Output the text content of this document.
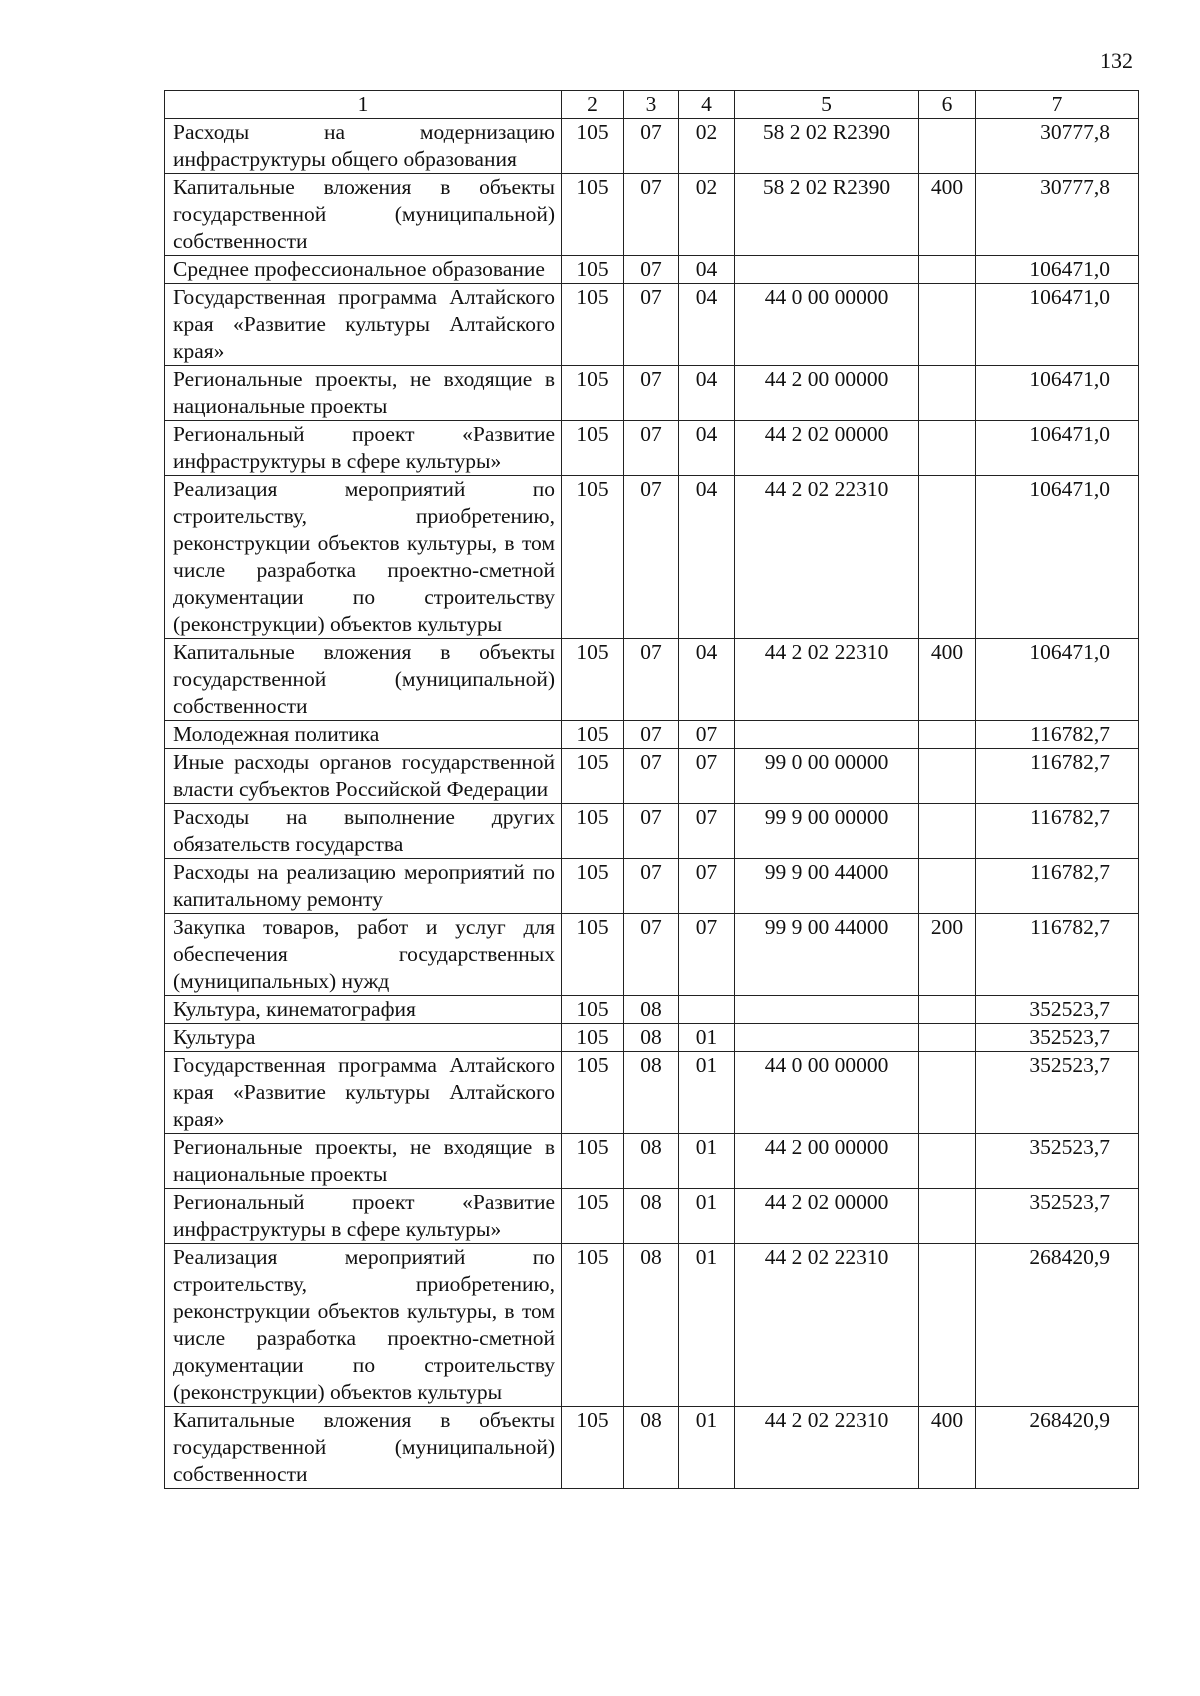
132
1	2	3	4	5	6	7
Расходы на модернизацию инфраструктуры общего образования	105	07	02	58 2 02 R2390		30777,8
Капитальные вложения в объекты государственной (муниципальной) собственности	105	07	02	58 2 02 R2390	400	30777,8
Среднее профессиональное образование	105	07	04			106471,0
Государственная программа Алтайского края «Развитие культуры Алтайского края»	105	07	04	44 0 00 00000		106471,0
Региональные проекты, не входящие в национальные проекты	105	07	04	44 2 00 00000		106471,0
Региональный проект «Развитие инфраструктуры в сфере культуры»	105	07	04	44 2 02 00000		106471,0
Реализация мероприятий по строительству, приобретению, реконструкции объектов культуры, в том числе разработка проектно-сметной документации по строительству (реконструкции) объектов культуры	105	07	04	44 2 02 22310		106471,0
Капитальные вложения в объекты государственной (муниципальной) собственности	105	07	04	44 2 02 22310	400	106471,0
Молодежная политика	105	07	07			116782,7
Иные расходы органов государственной власти субъектов Российской Федерации	105	07	07	99 0 00 00000		116782,7
Расходы на выполнение других обязательств государства	105	07	07	99 9 00 00000		116782,7
Расходы на реализацию мероприятий по капитальному ремонту	105	07	07	99 9 00 44000		116782,7
Закупка товаров, работ и услуг для обеспечения государственных (муниципальных) нужд	105	07	07	99 9 00 44000	200	116782,7
Культура, кинематография	105	08				352523,7
Культура	105	08	01			352523,7
Государственная программа Алтайского края «Развитие культуры Алтайского края»	105	08	01	44 0 00 00000		352523,7
Региональные проекты, не входящие в национальные проекты	105	08	01	44 2 00 00000		352523,7
Региональный проект «Развитие инфраструктуры в сфере культуры»	105	08	01	44 2 02 00000		352523,7
Реализация мероприятий по строительству, приобретению, реконструкции объектов культуры, в том числе разработка проектно-сметной документации по строительству (реконструкции) объектов культуры	105	08	01	44 2 02 22310		268420,9
Капитальные вложения в объекты государственной (муниципальной) собственности	105	08	01	44 2 02 22310	400	268420,9
